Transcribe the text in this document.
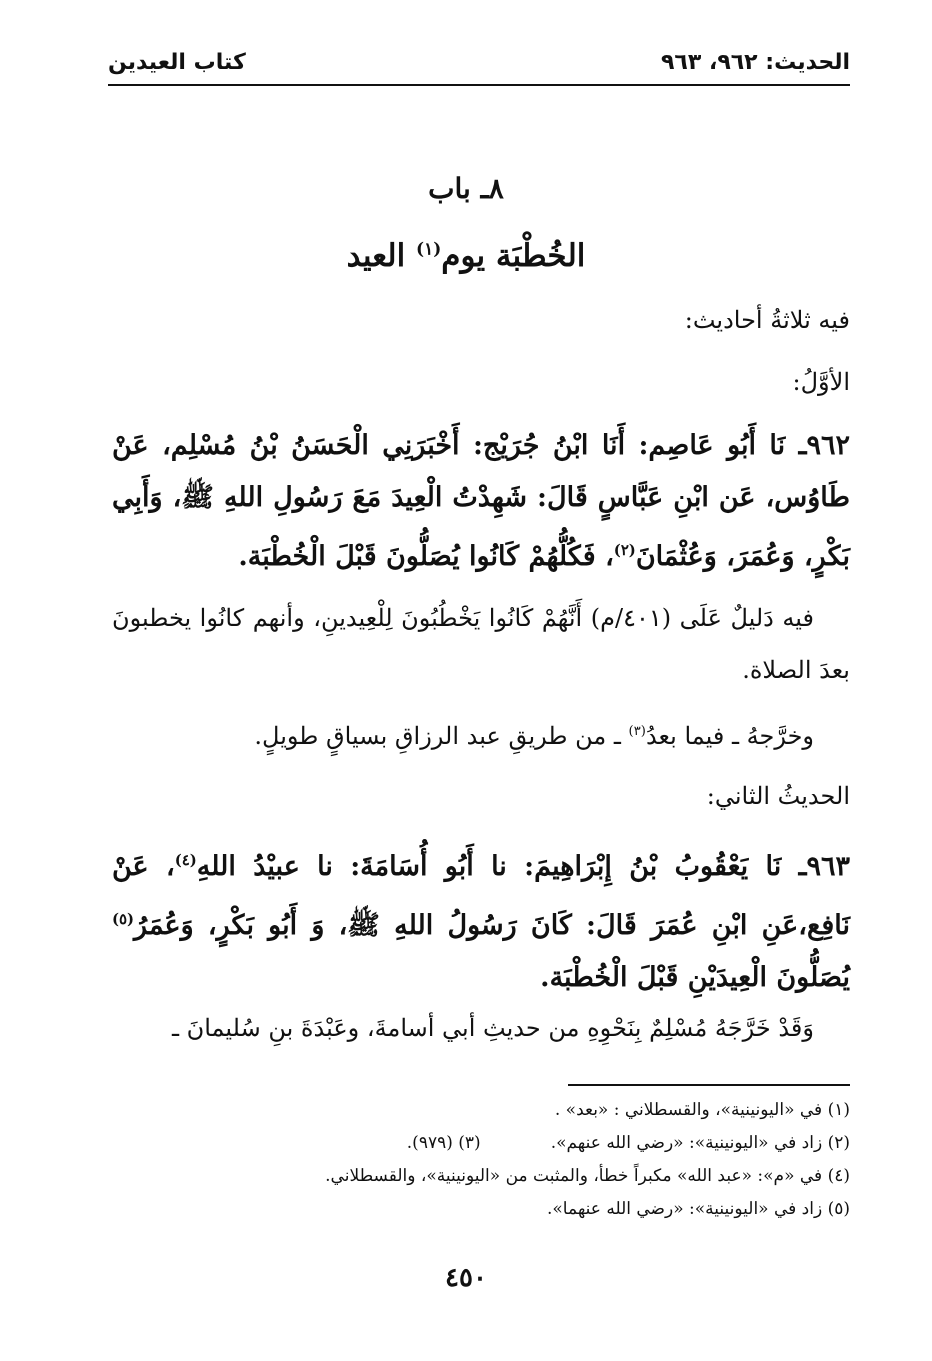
الحديث: ٩٦٢، ٩٦٣
كتاب العيدين
٨ـ باب
الخُطْبَة يوم$^{(١)}$ العيد

فيه ثلاثةُ أحاديث:

الأوَّلُ:

٩٦٢ـ نَا أَبُو عَاصِم: أَنَا ابْنُ جُرَيْج: أَخْبَرَنِي الْحَسَنُ بْنُ مُسْلِم، عَنْ طَاوُس، عَن ابْنِ عَبَّاسٍ قَالَ: شَهِدْتُ الْعِيدَ مَعَ رَسُولِ اللهِ ﷺ، وَأَبِي بَكْرٍ، وَعُمَرَ، وَعُثْمَانَ$^{(٢)}$، فَكُلُّهُمْ كَانُوا يُصَلُّونَ قَبْلَ الْخُطْبَة.

فيه دَليلٌ عَلَى (٤٠١/م) أَنَّهُمْ كَانُوا يَخْطُبُونَ لِلْعِيدينِ، وأنهم كانُوا يخطبونَ بعدَ الصلاة.

وخرَّجهُ ـ فيما بعدُ$^{(٣)}$ ـ من طريقِ عبد الرزاقِ بسياقٍ طويلٍ.

الحديثُ الثاني:

٩٦٣ـ نَا يَعْقُوبُ بْنُ إِبْرَاهِيمَ: نا أَبُو أُسَامَةَ: نا عبيْدُ اللهِ$^{(٤)}$، عَنْ نَافِع،عَنِ ابْنِ عُمَرَ قَالَ: كَانَ رَسُولُ اللهِ ﷺ، وَ أَبُو بَكْرٍ، وَعُمَرُ$^{(٥)}$ يُصَلُّونَ الْعِيدَيْنِ قَبْلَ الْخُطْبَة.

وَقَدْ خَرَّجَهُ مُسْلِمٌ بِنَحْوِهِ من حديثِ أبي أسامةَ، وعَبْدَةَ بنِ سُليمانَ ـ

(١) في «اليونينية»، والقسطلاني : «بعد» .

(٢) زاد في «اليونينية»: «رضي الله عنهم».(٣) (٩٧٩).

(٤) في «م»: «عبد الله» مكبراً خطأ، والمثبت من «اليونينية»، والقسطلاني.

(٥) زاد في «اليونينية»: «رضي الله عنهما».

٤٥٠
